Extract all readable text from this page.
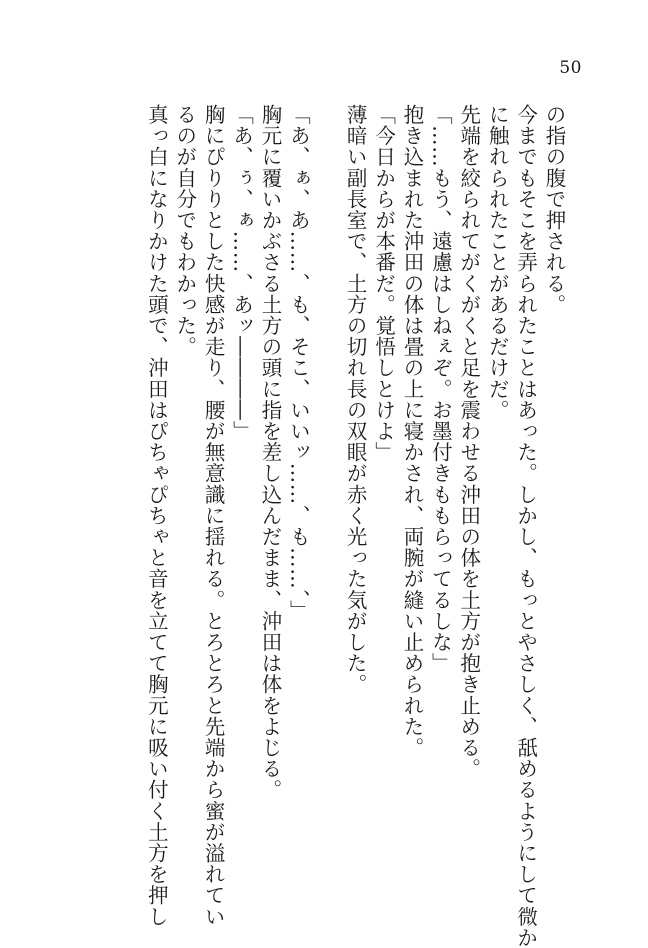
50
の指の腹で押される。
今までもそこを弄られたことはあった。しかし、もっとやさしく、舐めるようにして微か
に触れられたことがあるだけだ。
先端を絞られてがくがくと足を震わせる沖田の体を土方が抱き止める。
「……もう、遠慮はしねぇぞ。お墨付きももらってるしな」
抱き込まれた沖田の体は畳の上に寝かされ、両腕が縫い止められた。
「今日からが本番だ。覚悟しとけよ」
薄暗い副長室で、土方の切れ長の双眼が赤く光った気がした。

「あ、ぁ、あ……、も、そこ、いいッ……、も……、」
胸元に覆いかぶさる土方の頭に指を差し込んだまま、沖田は体をよじる。
「あ、ぅ、ぁ……、あッ――――」
胸にぴりりとした快感が走り、腰が無意識に揺れる。とろとろと先端から蜜が溢れてい
るのが自分でもわかった。
真っ白になりかけた頭で、沖田はぴちゃぴちゃと音を立てて胸元に吸い付く土方を押し
